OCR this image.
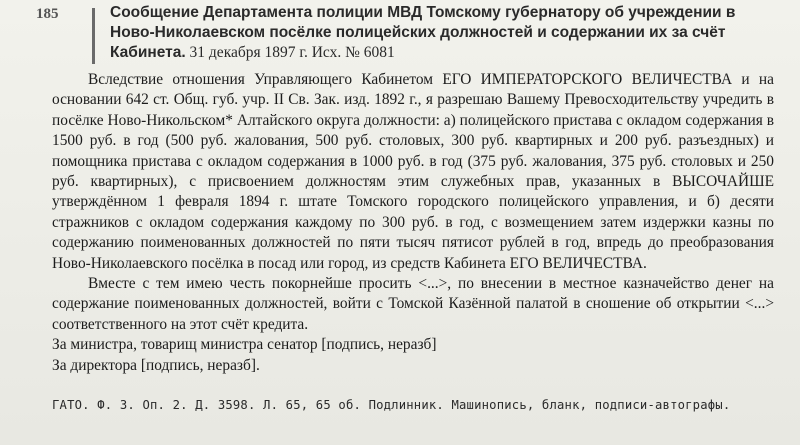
185	Сообщение Департамента полиции МВД Томскому губернатору об учреждении в Ново-Николаевском посёлке полицейских должностей и содержании их за счёт Кабинета. 31 декабря 1897 г. Исх. № 6081

Вследствие отношения Управляющего Кабинетом ЕГО ИМПЕРАТОРСКОГО ВЕЛИЧЕСТВА и на основании 642 ст. Общ. губ. учр. II Св. Зак. изд. 1892 г., я разрешаю Вашему Превосходительству учредить в посёлке Ново-Никольском* Алтайского округа должности: а) полицейского пристава с окладом содержания в 1500 руб. в год (500 руб. жалования, 500 руб. столовых, 300 руб. квартирных и 200 руб. разъездных) и помощника пристава с окладом содержания в 1000 руб. в год (375 руб. жалования, 375 руб. столовых и 250 руб. квартирных), с присвоением должностям этим служебных прав, указанных в ВЫСОЧАЙШЕ утверждённом 1 февраля 1894 г. штате Томского городского полицейского управления, и б) десяти стражников с окладом содержания каждому по 300 руб. в год, с возмещением затем издержки казны по содержанию поименованных должностей по пяти тысяч пятисот рублей в год, впредь до преобразования Ново-Николаевского посёлка в посад или город, из средств Кабинета ЕГО ВЕЛИЧЕСТВА.

Вместе с тем имею честь покорнейше просить <...>, по внесении в местное казначейство денег на содержание поименованных должностей, войти с Томской Казённой палатой в сношение об открытии <...> соответственного на этот счёт кредита.

За министра, товарищ министра сенатор [подпись, неразб]

За директора [подпись, неразб].

ГАТО. Ф. 3. Оп. 2. Д. 3598. Л. 65, 65 об. Подлинник. Машинопись, бланк, подписи-автографы.
